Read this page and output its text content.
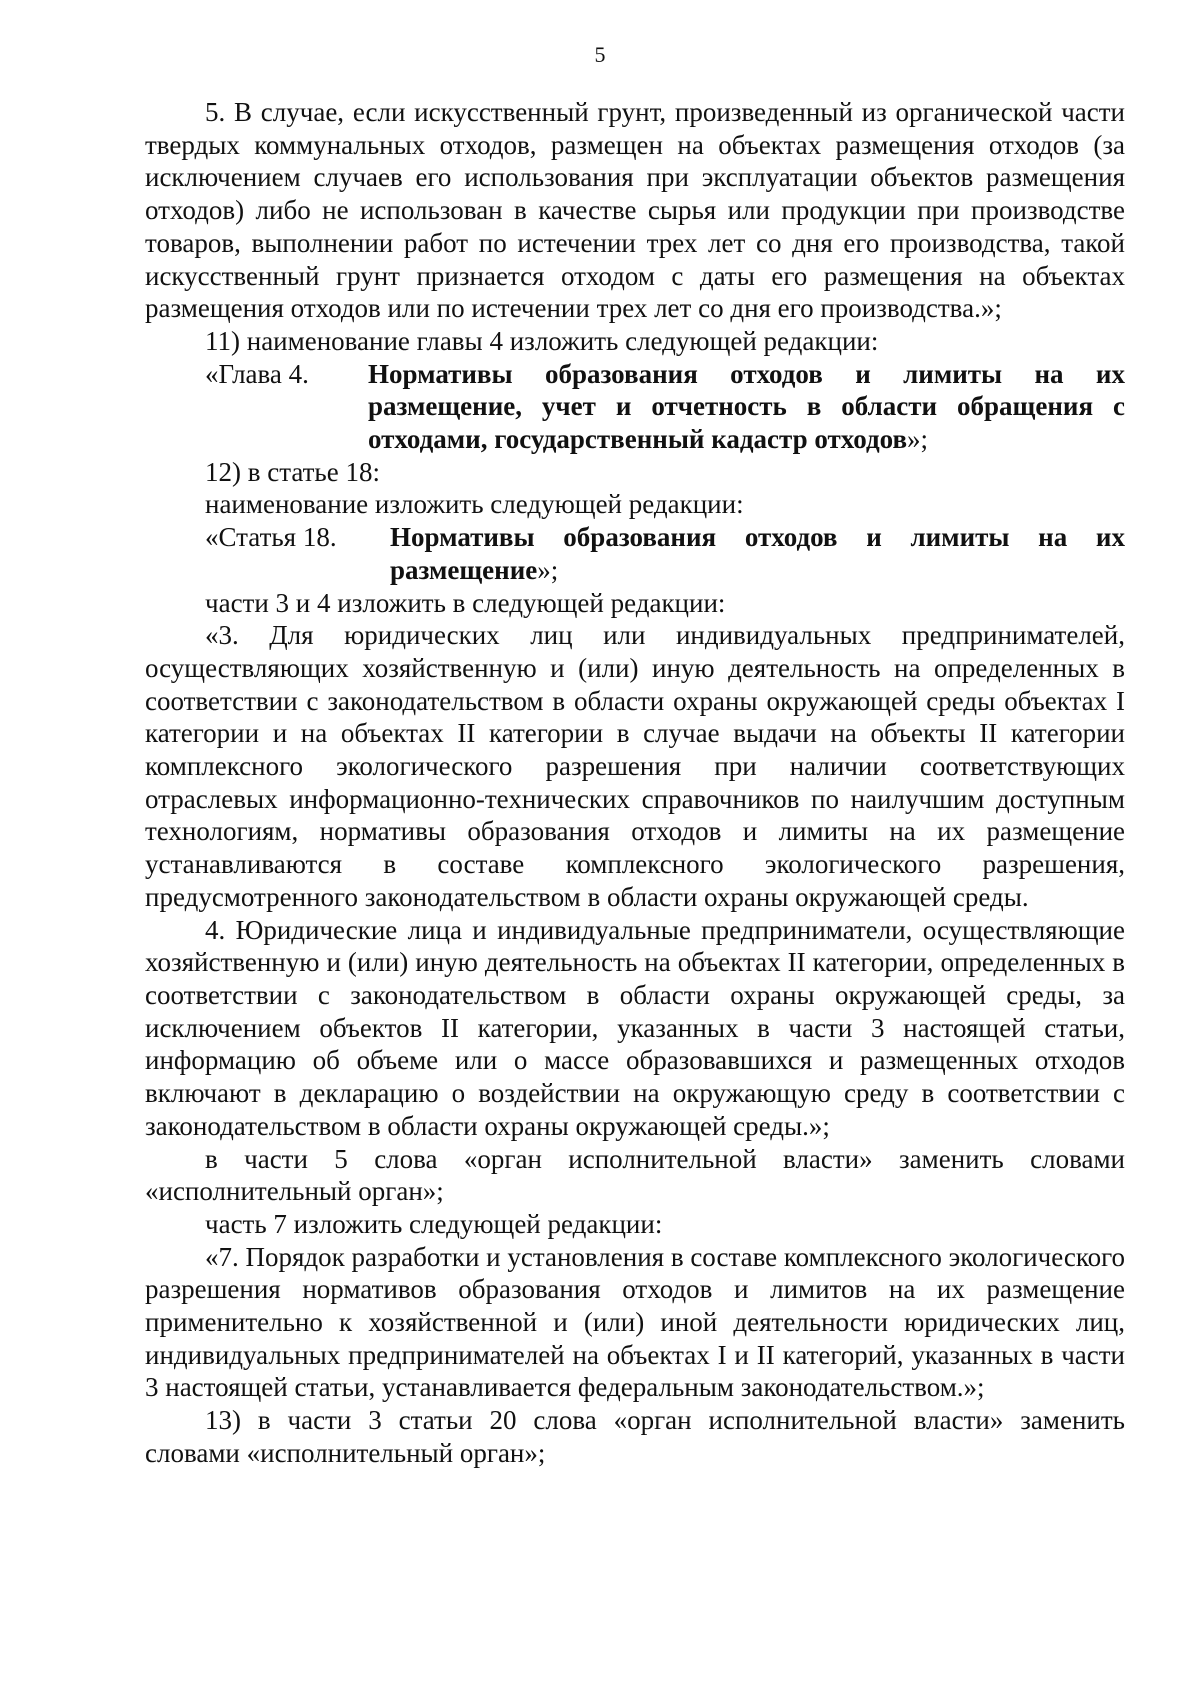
5

5. В случае, если искусственный грунт, произведенный из органической части твердых коммунальных отходов, размещен на объектах размещения отходов (за исключением случаев его использования при эксплуатации объектов размещения отходов) либо не использован в качестве сырья или продукции при производстве товаров, выполнении работ по истечении трех лет со дня его производства, такой искусственный грунт признается отходом с даты его размещения на объектах размещения отходов или по истечении трех лет со дня его производства.»;

11) наименование главы 4 изложить следующей редакции:

«Глава 4.	Нормативы образования отходов и лимиты на их размещение, учет и отчетность в области обращения с отходами, государственный кадастр отходов»;

12) в статье 18:

наименование изложить следующей редакции:

«Статья 18.	Нормативы образования отходов и лимиты на их размещение»;

части 3 и 4 изложить в следующей редакции:

«3. Для юридических лиц или индивидуальных предпринимателей, осуществляющих хозяйственную и (или) иную деятельность на определенных в соответствии с законодательством в области охраны окружающей среды объектах I категории и на объектах II категории в случае выдачи на объекты II категории комплексного экологического разрешения при наличии соответствующих отраслевых информационно-технических справочников по наилучшим доступным технологиям, нормативы образования отходов и лимиты на их размещение устанавливаются в составе комплексного экологического разрешения, предусмотренного законодательством в области охраны окружающей среды.

4. Юридические лица и индивидуальные предприниматели, осуществляющие хозяйственную и (или) иную деятельность на объектах II категории, определенных в соответствии с законодательством в области охраны окружающей среды, за исключением объектов II категории, указанных в части 3 настоящей статьи, информацию об объеме или о массе образовавшихся и размещенных отходов включают в декларацию о воздействии на окружающую среду в соответствии с законодательством в области охраны окружающей среды.»;

в части 5 слова «орган исполнительной власти» заменить словами «исполнительный орган»;

часть 7 изложить следующей редакции:

«7. Порядок разработки и установления в составе комплексного экологического разрешения нормативов образования отходов и лимитов на их размещение применительно к хозяйственной и (или) иной деятельности юридических лиц, индивидуальных предпринимателей на объектах I и II категорий, указанных в части 3 настоящей статьи, устанавливается федеральным законодательством.»;

13) в части 3 статьи 20 слова «орган исполнительной власти» заменить словами «исполнительный орган»;
